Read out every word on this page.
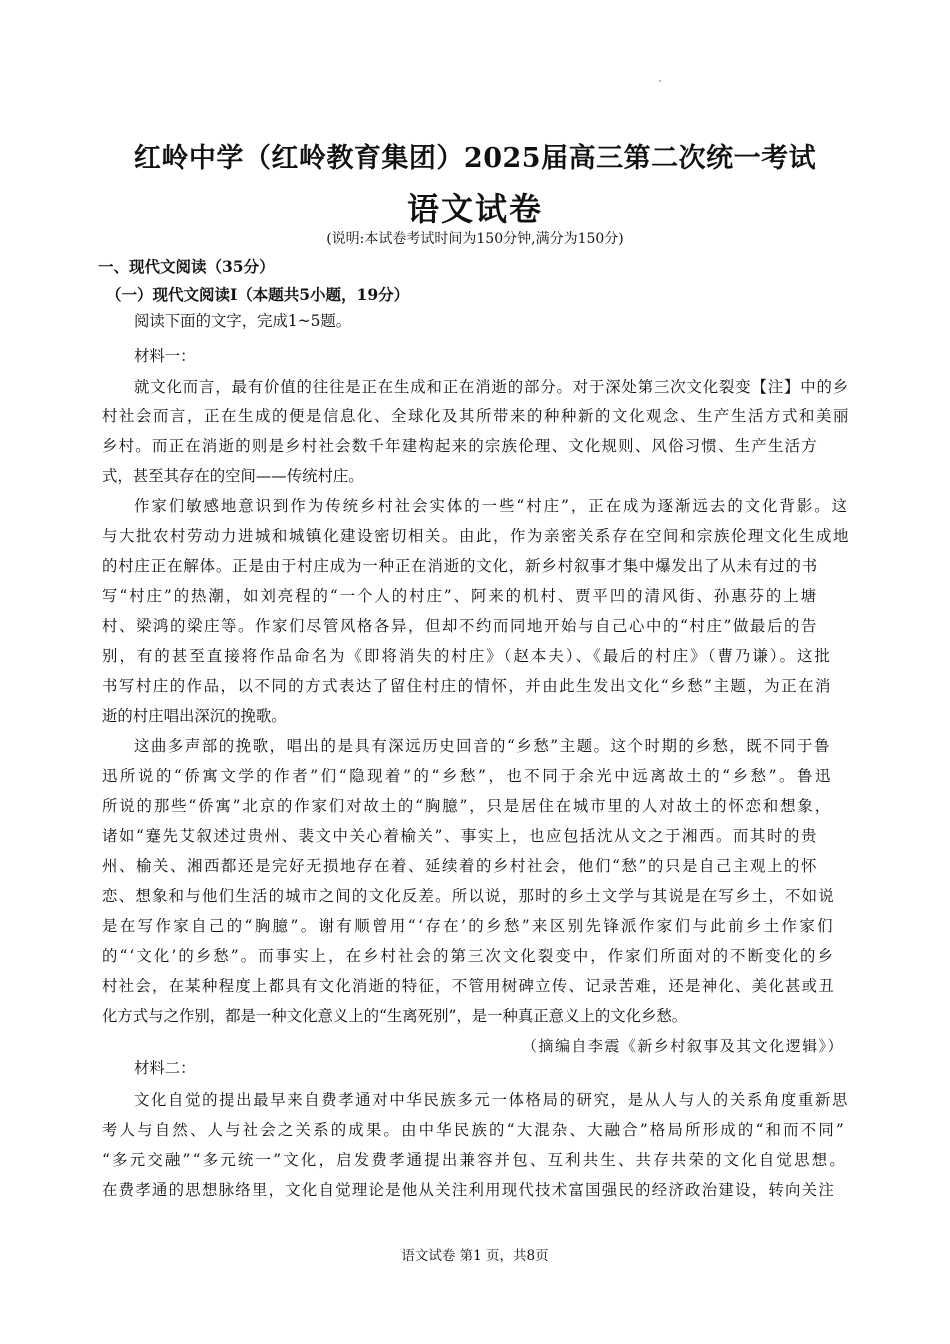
红岭中学（红岭教育集团）2025届高三第二次统一考试
语文试卷
(说明:本试卷考试时间为150分钟,满分为150分)
一、现代文阅读（35分）
（一）现代文阅读Ⅰ（本题共5小题，19分）
阅读下面的文字，完成1~5题。
材料一：
就文化而言，最有价值的往往是正在生成和正在消逝的部分。对于深处第三次文化裂变【注】中的乡
村社会而言，正在生成的便是信息化、全球化及其所带来的种种新的文化观念、生产生活方式和美丽
乡村。而正在消逝的则是乡村社会数千年建构起来的宗族伦理、文化规则、风俗习惯、生产生活方
式，甚至其存在的空间——传统村庄。
作家们敏感地意识到作为传统乡村社会实体的一些“村庄”，正在成为逐渐远去的文化背影。这
与大批农村劳动力进城和城镇化建设密切相关。由此，作为亲密关系存在空间和宗族伦理文化生成地
的村庄正在解体。正是由于村庄成为一种正在消逝的文化，新乡村叙事才集中爆发出了从未有过的书
写“村庄”的热潮，如刘亮程的“一个人的村庄”、阿来的机村、贾平凹的清风街、孙惠芬的上塘
村、梁鸿的梁庄等。作家们尽管风格各异，但却不约而同地开始与自己心中的“村庄”做最后的告
别，有的甚至直接将作品命名为《即将消失的村庄》（赵本夫）、《最后的村庄》（曹乃谦）。这批
书写村庄的作品，以不同的方式表达了留住村庄的情怀，并由此生发出文化“乡愁”主题，为正在消
逝的村庄唱出深沉的挽歌。
这曲多声部的挽歌，唱出的是具有深远历史回音的“乡愁”主题。这个时期的乡愁，既不同于鲁
迅所说的“侨寓文学的作者”们“隐现着”的“乡愁”，也不同于余光中远离故土的“乡愁”。鲁迅
所说的那些“侨寓”北京的作家们对故土的“胸臆”，只是居住在城市里的人对故土的怀恋和想象，
诸如“蹇先艾叙述过贵州、裴文中关心着榆关”、事实上，也应包括沈从文之于湘西。而其时的贵
州、榆关、湘西都还是完好无损地存在着、延续着的乡村社会，他们“愁”的只是自己主观上的怀
恋、想象和与他们生活的城市之间的文化反差。所以说，那时的乡土文学与其说是在写乡土，不如说
是在写作家自己的“胸臆”。谢有顺曾用“‘存在’的乡愁”来区别先锋派作家们与此前乡土作家们
的“‘文化’的乡愁”。而事实上，在乡村社会的第三次文化裂变中，作家们所面对的不断变化的乡
村社会，在某种程度上都具有文化消逝的特征，不管用树碑立传、记录苦难，还是神化、美化甚或丑
化方式与之作别，都是一种文化意义上的“生离死别”，是一种真正意义上的文化乡愁。
（摘编自李震《新乡村叙事及其文化逻辑》）
材料二：
文化自觉的提出最早来自费孝通对中华民族多元一体格局的研究，是从人与人的关系角度重新思
考人与自然、人与社会之关系的成果。由中华民族的“大混杂、大融合”格局所形成的“和而不同”
“多元交融”“多元统一”文化，启发费孝通提出兼容并包、互利共生、共存共荣的文化自觉思想。
在费孝通的思想脉络里，文化自觉理论是他从关注利用现代技术富国强民的经济政治建设，转向关注
语文试卷 第1 页，共8页
